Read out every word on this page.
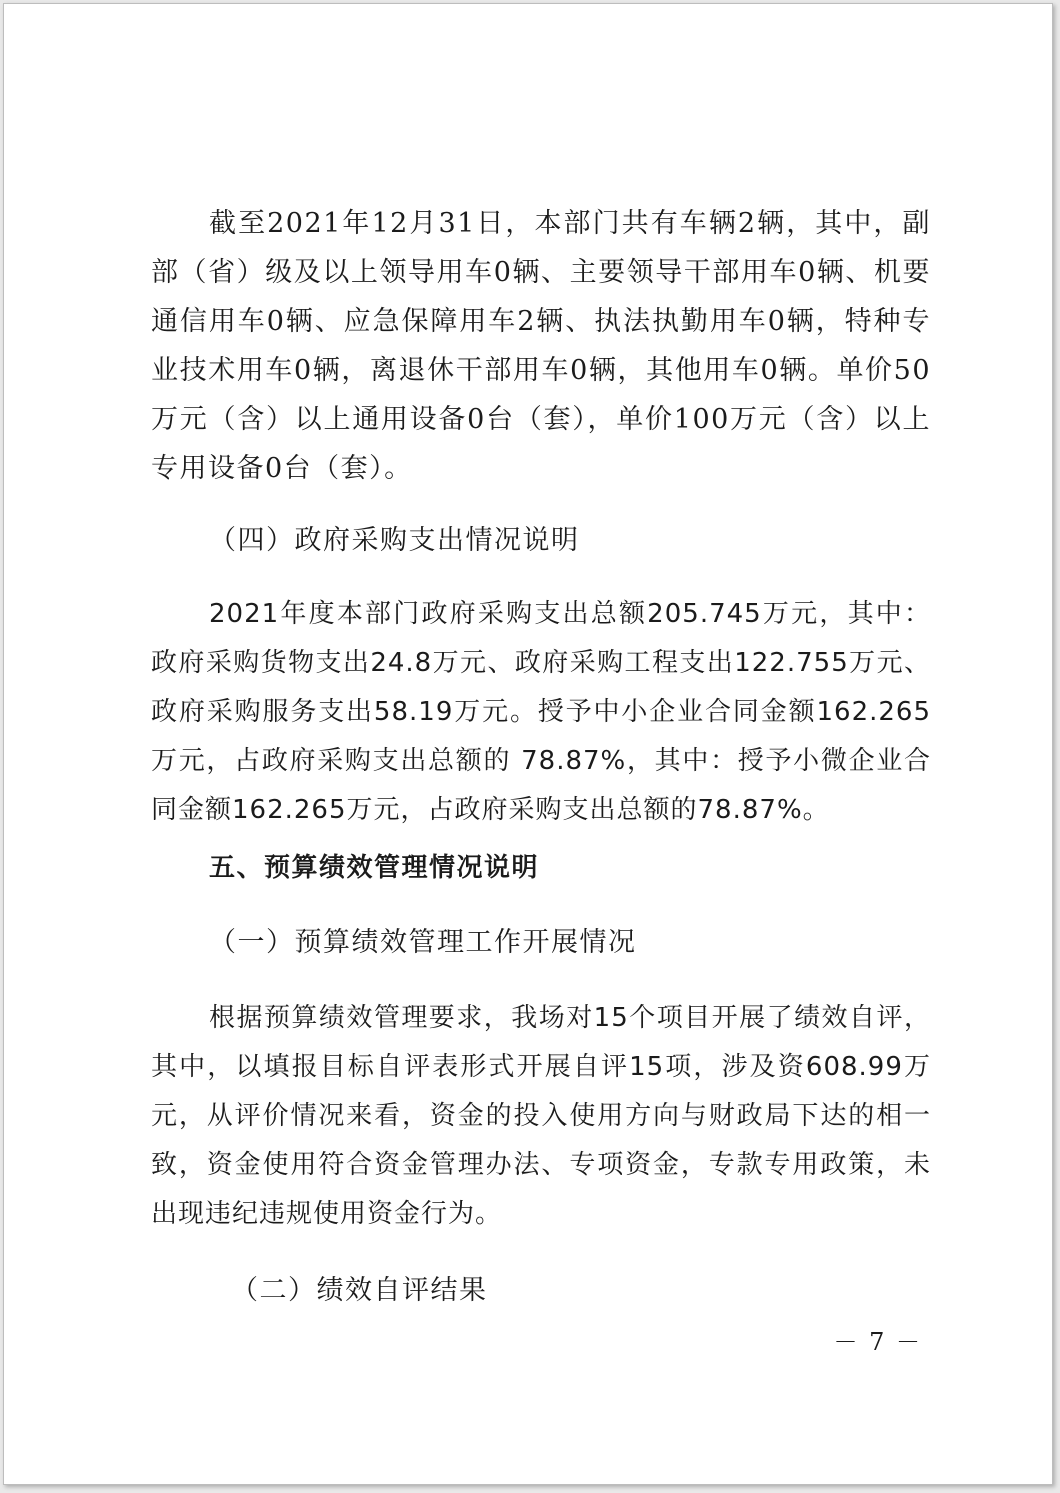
截至2021年12月31日，本部门共有车辆2辆，其中，副部（省）级及以上领导用车0辆、主要领导干部用车0辆、机要通信用车0辆、应急保障用车2辆、执法执勤用车0辆，特种专业技术用车0辆，离退休干部用车0辆，其他用车0辆。单价50万元（含）以上通用设备0台（套），单价100万元（含）以上专用设备0台（套）。

（四）政府采购支出情况说明

2021年度本部门政府采购支出总额205.745万元，其中：政府采购货物支出24.8万元、政府采购工程支出122.755万元、政府采购服务支出58.19万元。授予中小企业合同金额162.265万元，占政府采购支出总额的 78.87%，其中：授予小微企业合同金额162.265万元，占政府采购支出总额的78.87%。

五、预算绩效管理情况说明

（一）预算绩效管理工作开展情况

根据预算绩效管理要求，我场对15个项目开展了绩效自评，其中，以填报目标自评表形式开展自评15项，涉及资608.99万元，从评价情况来看，资金的投入使用方向与财政局下达的相一致，资金使用符合资金管理办法、专项资金，专款专用政策，未出现违纪违规使用资金行为。

（二）绩效自评结果

－ 7 －
